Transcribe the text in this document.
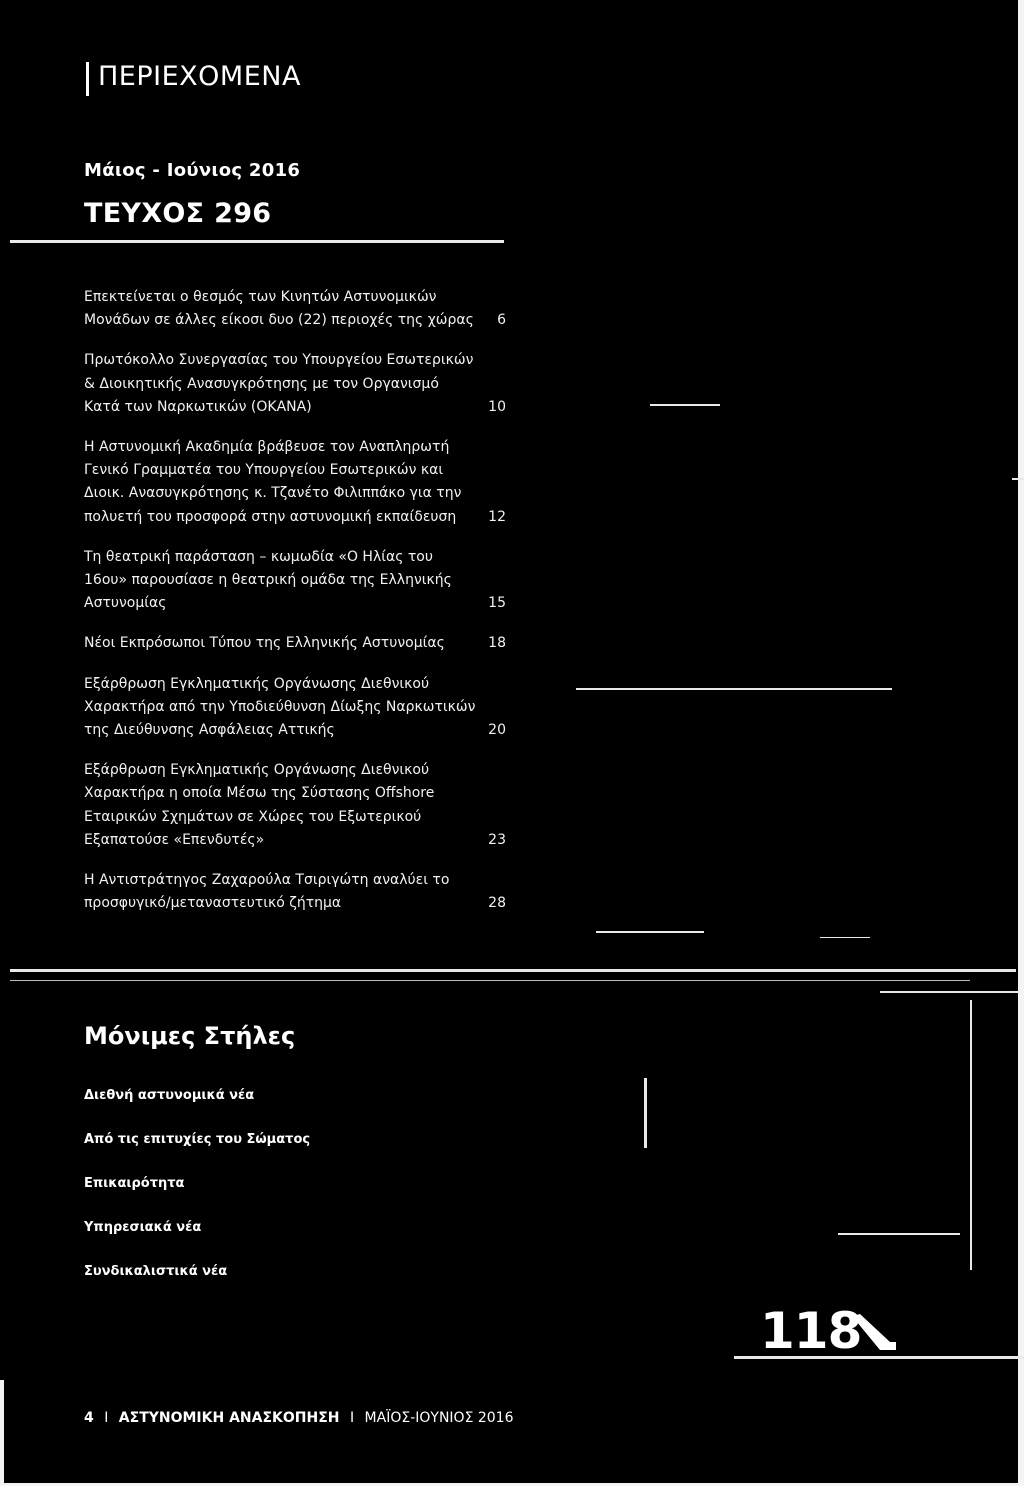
ΠΕΡΙΕΧΟΜΕΝΑ
Μάιος - Ιούνιος 2016
ΤΕΥΧΟΣ 296
Επεκτείνεται ο θεσμός των Κινητών Αστυνομικών Μονάδων σε άλλες είκοσι δυο (22) περιοχές της χώρας 6
Πρωτόκολλο Συνεργασίας του Υπουργείου Εσωτερικών & Διοικητικής Ανασυγκρότησης με τον Οργανισμό Κατά των Ναρκωτικών (ΟΚΑΝΑ)	10
Η Αστυνομική Ακαδημία βράβευσε τον Αναπληρωτή Γενικό Γραμματέα του Υπουργείου Εσωτερικών και Διοικ. Ανασυγκρότησης κ. Τζανέτο Φιλιππάκο για την πολυετή του προσφορά στην αστυνομική εκπαίδευση	12
Τη θεατρική παράσταση – κωμωδία «Ο Ηλίας του 16ου» παρουσίασε η θεατρική ομάδα της Ελληνικής Αστυνομίας	15
Νέοι Εκπρόσωποι Τύπου της Ελληνικής Αστυνομίας	18
Εξάρθρωση Εγκληματικής Οργάνωσης Διεθνικού Χαρακτήρα από την Υποδιεύθυνση Δίωξης Ναρκωτικών της Διεύθυνσης Ασφάλειας Αττικής	20
Εξάρθρωση Εγκληματικής Οργάνωσης Διεθνικού Χαρακτήρα η οποία Μέσω της Σύστασης Offshore Εταιρικών Σχημάτων σε Χώρες του Εξωτερικού Εξαπατούσε «Επενδυτές»	23
Η Αντιστράτηγος Ζαχαρούλα Τσιριγώτη αναλύει το προσφυγικό/μεταναστευτικό ζήτημα	28
Μόνιμες Στήλες
Διεθνή αστυνομικά νέα
Από τις επιτυχίες του Σώματος
Επικαιρότητα
Υπηρεσιακά νέα
Συνδικαλιστικά νέα
118
4 I ΑΣΤΥΝΟΜΙΚΗ ΑΝΑΣΚΟΠΗΣΗ I ΜΑΪΟΣ-ΙΟΥΝΙΟΣ 2016
